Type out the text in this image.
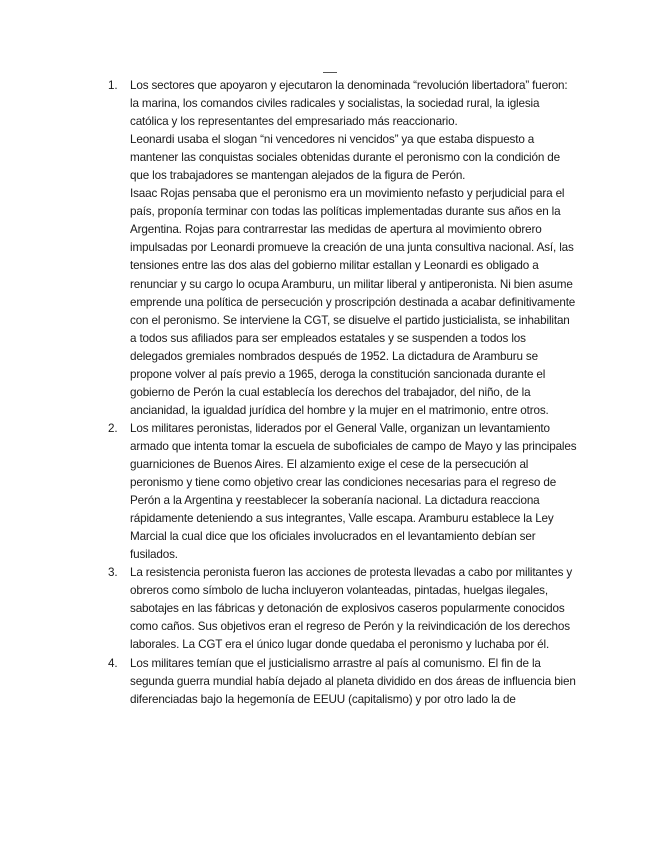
1. Los sectores que apoyaron y ejecutaron la denominada “revolución libertadora” fueron: la marina, los comandos civiles radicales y socialistas, la sociedad rural, la iglesia católica y los representantes del empresariado más reaccionario.
Leonardi usaba el slogan “ni vencedores ni vencidos” ya que estaba dispuesto a mantener las conquistas sociales obtenidas durante el peronismo con la condición de que los trabajadores se mantengan alejados de la figura de Perón.
Isaac Rojas pensaba que el peronismo era un movimiento nefasto y perjudicial para el país, proponía terminar con todas las políticas implementadas durante sus años en la Argentina. Rojas para contrarrestar las medidas de apertura al movimiento obrero impulsadas por Leonardi promueve la creación de una junta consultiva nacional. Así, las tensiones entre las dos alas del gobierno militar estallan y Leonardi es obligado a renunciar y su cargo lo ocupa Aramburu, un militar liberal y antiperonista. Ni bien asume emprende una política de persecución y proscripción destinada a acabar definitivamente con el peronismo. Se interviene la CGT, se disuelve el partido justicialista, se inhabilitan a todos sus afiliados para ser empleados estatales y se suspenden a todos los delegados gremiales nombrados después de 1952. La dictadura de Aramburu se propone volver al país previo a 1965, deroga la constitución sancionada durante el gobierno de Perón la cual establecía los derechos del trabajador, del niño, de la ancianidad, la igualdad jurídica del hombre y la mujer en el matrimonio, entre otros.
2. Los militares peronistas, liderados por el General Valle, organizan un levantamiento armado que intenta tomar la escuela de suboficiales de campo de Mayo y las principales guarniciones de Buenos Aires. El alzamiento exige el cese de la persecución al peronismo y tiene como objetivo crear las condiciones necesarias para el regreso de Perón a la Argentina y reestablecer la soberanía nacional. La dictadura reacciona rápidamente deteniendo a sus integrantes, Valle escapa. Aramburu establece la Ley Marcial la cual dice que los oficiales involucrados en el levantamiento debían ser fusilados.
3. La resistencia peronista fueron las acciones de protesta llevadas a cabo por militantes y obreros como símbolo de lucha incluyeron volanteadas, pintadas, huelgas ilegales, sabotajes en las fábricas y detonación de explosivos caseros popularmente conocidos como caños. Sus objetivos eran el regreso de Perón y la reivindicación de los derechos laborales. La CGT era el único lugar donde quedaba el peronismo y luchaba por él.
4. Los militares temían que el justicialismo arrastre al país al comunismo. El fin de la segunda guerra mundial había dejado al planeta dividido en dos áreas de influencia bien diferenciadas bajo la hegemonía de EEUU (capitalismo) y por otro lado la de
